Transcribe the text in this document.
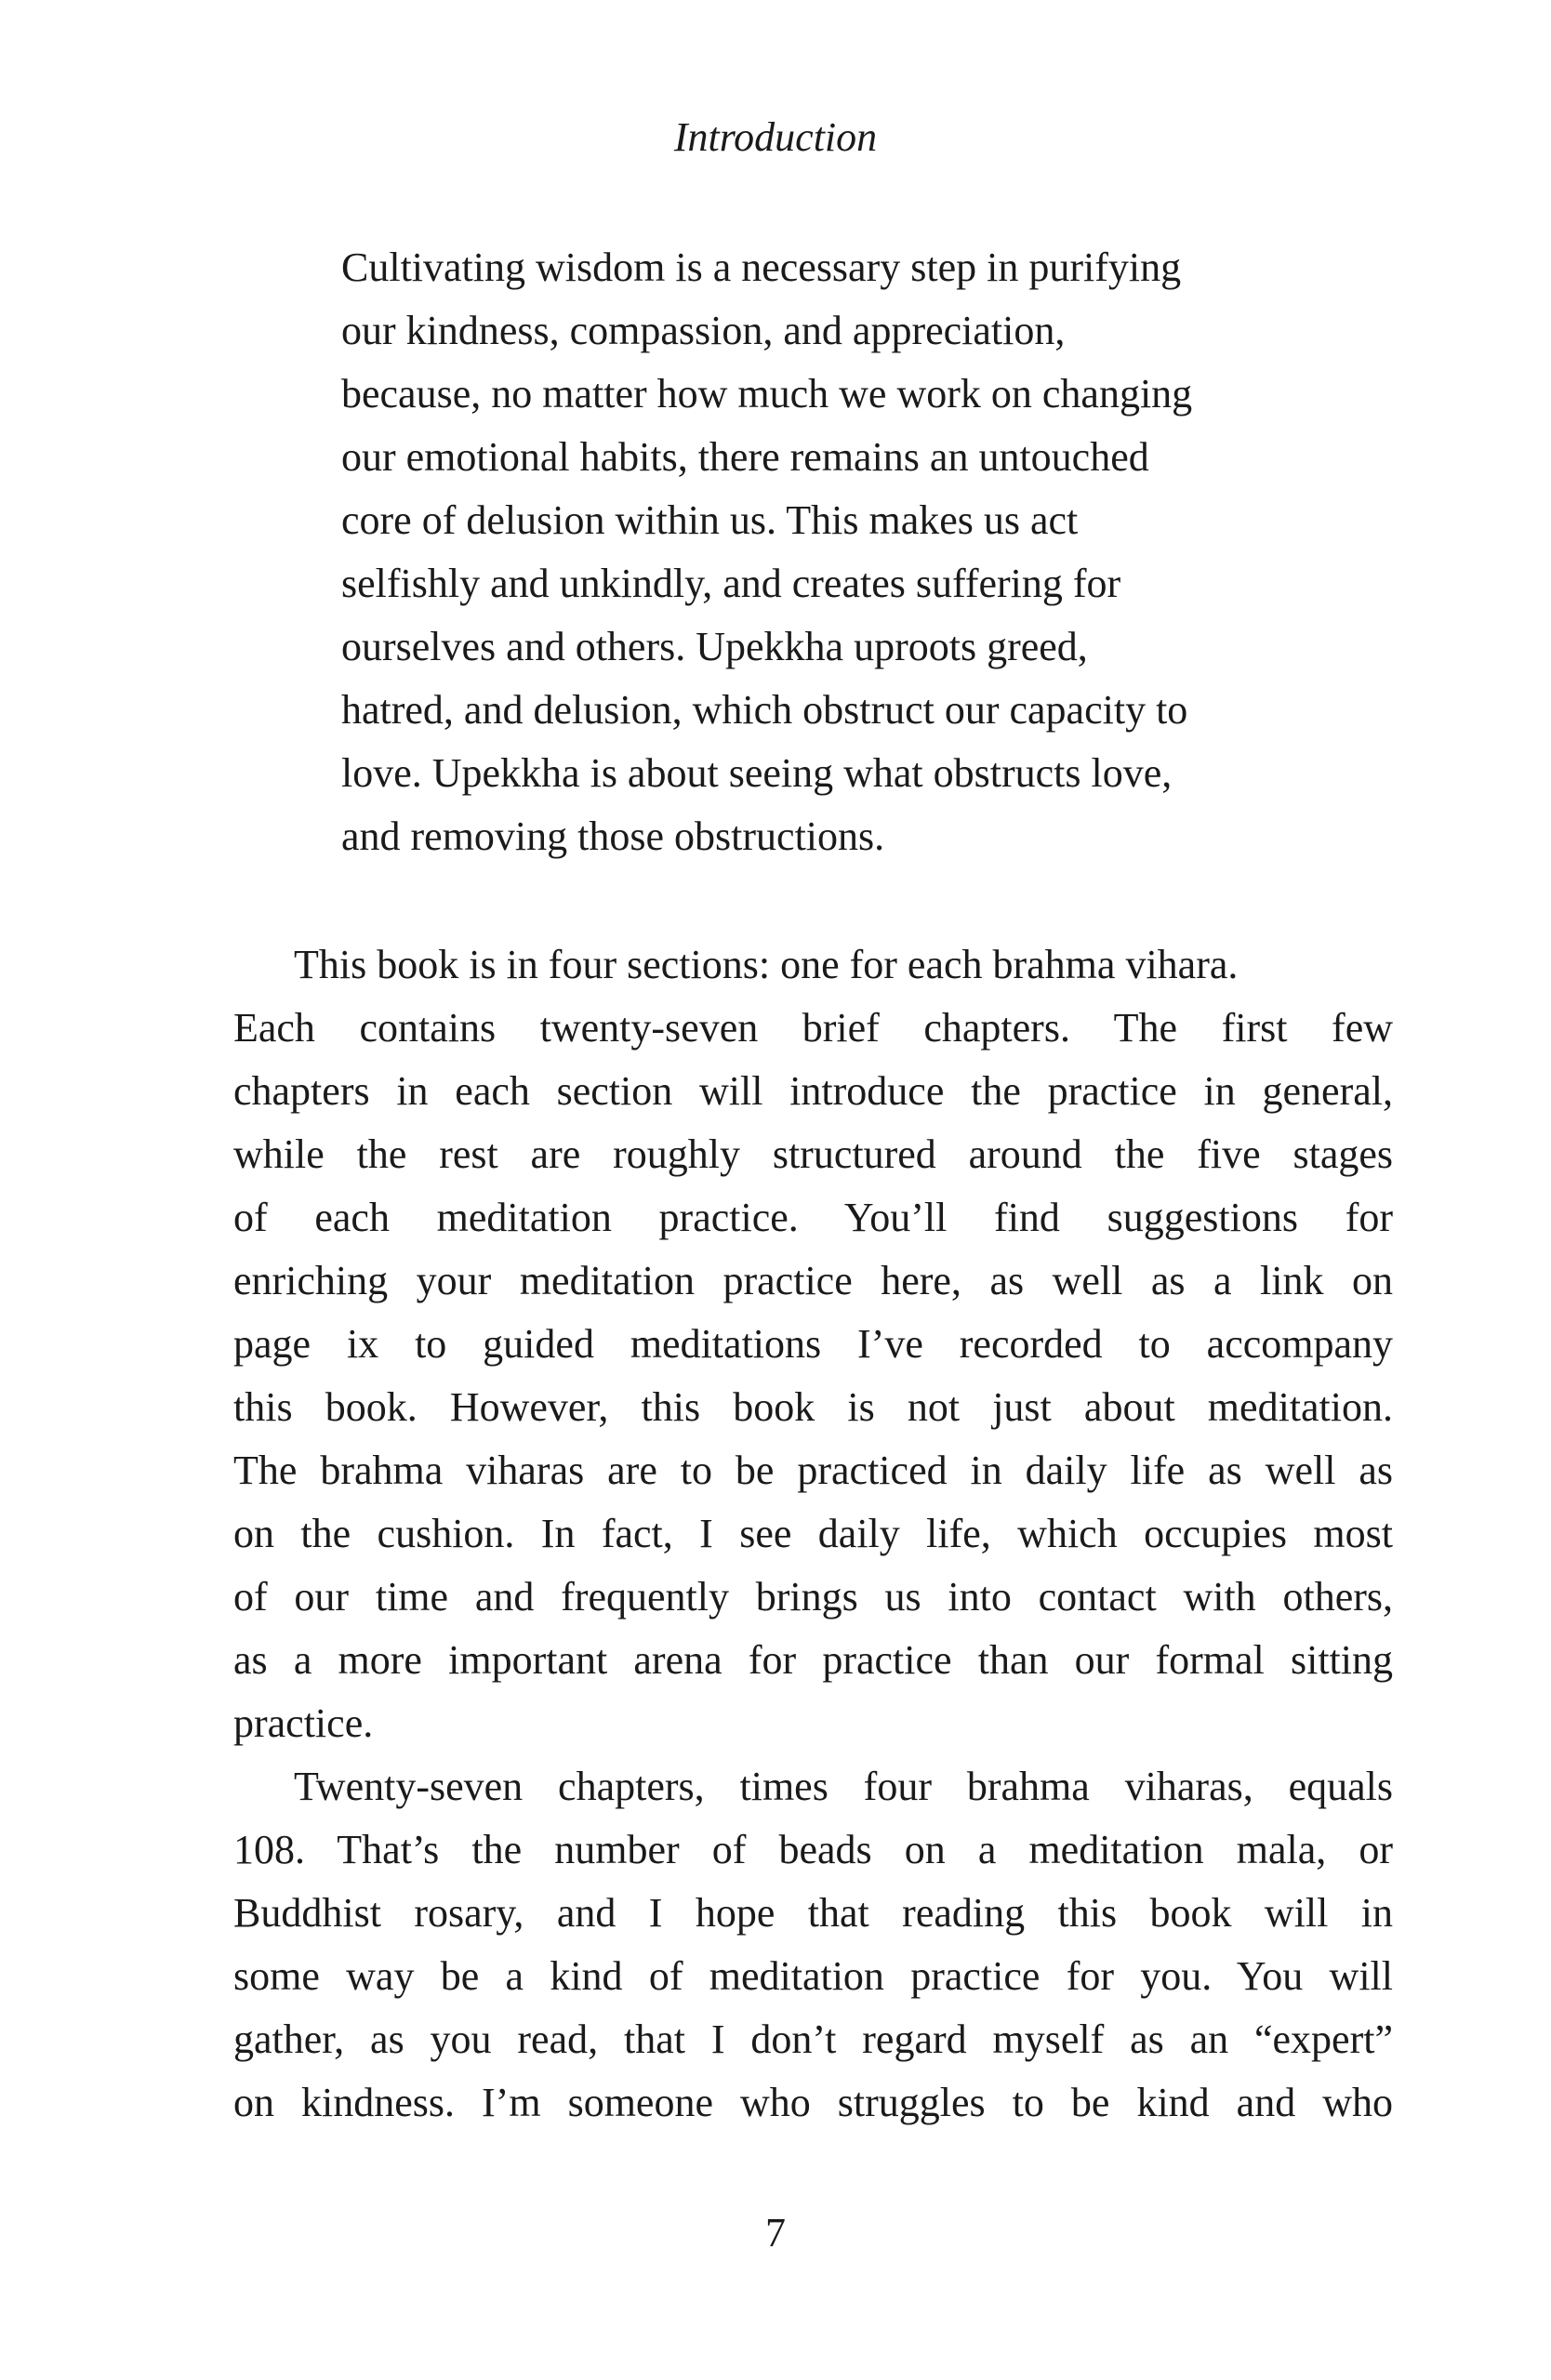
Introduction
Cultivating wisdom is a necessary step in purifying
our kindness, compassion, and appreciation,
because, no matter how much we work on changing
our emotional habits, there remains an untouched
core of delusion within us. This makes us act
selfishly and unkindly, and creates suffering for
ourselves and others. Upekkha uproots greed,
hatred, and delusion, which obstruct our capacity to
love. Upekkha is about seeing what obstructs love,
and removing those obstructions.
This book is in four sections: one for each brahma vihara.
Each contains twenty-seven brief chapters. The first few
chapters in each section will introduce the practice in general,
while the rest are roughly structured around the five stages
of each meditation practice. You’ll find suggestions for
enriching your meditation practice here, as well as a link on
page ix to guided meditations I’ve recorded to accompany
this book. However, this book is not just about meditation.
The brahma viharas are to be practiced in daily life as well as
on the cushion. In fact, I see daily life, which occupies most
of our time and frequently brings us into contact with others,
as a more important arena for practice than our formal sitting
practice.
Twenty-seven chapters, times four brahma viharas, equals
108. That’s the number of beads on a meditation mala, or
Buddhist rosary, and I hope that reading this book will in
some way be a kind of meditation practice for you. You will
gather, as you read, that I don’t regard myself as an “expert”
on kindness. I’m someone who struggles to be kind and who
7
